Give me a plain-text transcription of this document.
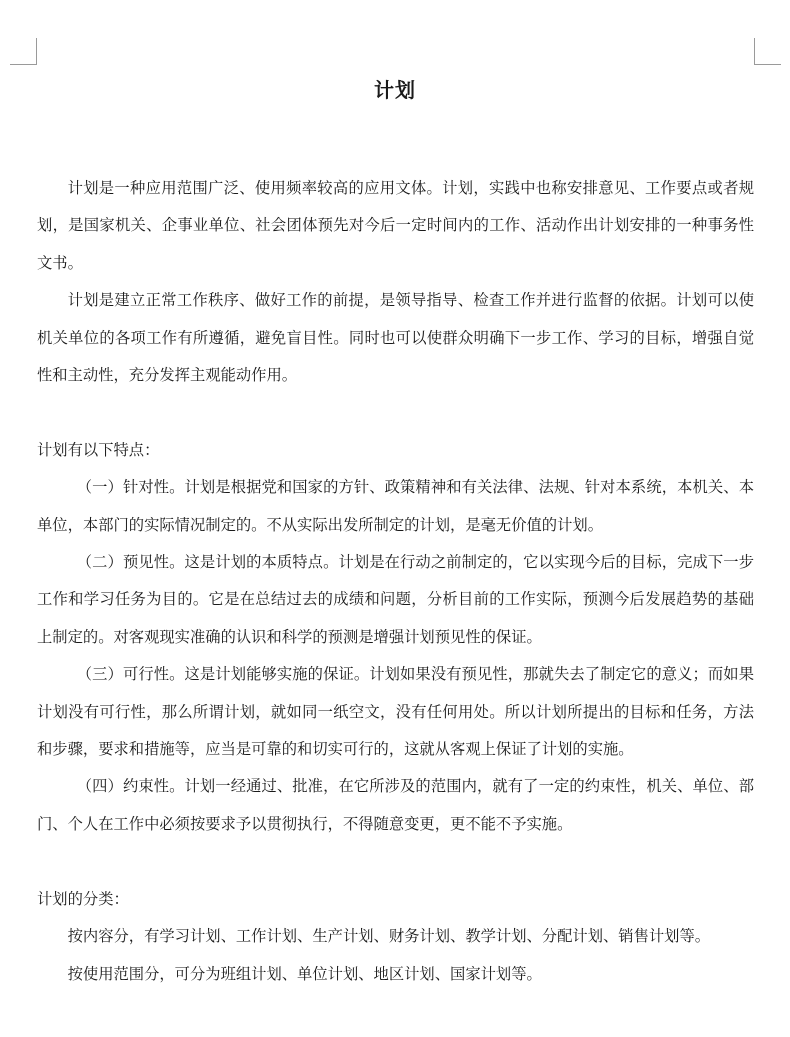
计划

计划是一种应用范围广泛、使用频率较高的应用文体。计划，实践中也称安排意见、工作要点或者规划，是国家机关、企事业单位、社会团体预先对今后一定时间内的工作、活动作出计划安排的一种事务性文书。

计划是建立正常工作秩序、做好工作的前提，是领导指导、检查工作并进行监督的依据。计划可以使机关单位的各项工作有所遵循，避免盲目性。同时也可以使群众明确下一步工作、学习的目标，增强自觉性和主动性，充分发挥主观能动作用。

计划有以下特点：

（一）针对性。计划是根据党和国家的方针、政策精神和有关法律、法规、针对本系统，本机关、本单位，本部门的实际情况制定的。不从实际出发所制定的计划，是毫无价值的计划。

（二）预见性。这是计划的本质特点。计划是在行动之前制定的，它以实现今后的目标，完成下一步工作和学习任务为目的。它是在总结过去的成绩和问题，分析目前的工作实际，预测今后发展趋势的基础上制定的。对客观现实准确的认识和科学的预测是增强计划预见性的保证。

（三）可行性。这是计划能够实施的保证。计划如果没有预见性，那就失去了制定它的意义；而如果计划没有可行性，那么所谓计划，就如同一纸空文，没有任何用处。所以计划所提出的目标和任务，方法和步骤，要求和措施等，应当是可靠的和切实可行的，这就从客观上保证了计划的实施。

（四）约束性。计划一经通过、批准，在它所涉及的范围内，就有了一定的约束性，机关、单位、部门、个人在工作中必须按要求予以贯彻执行，不得随意变更，更不能不予实施。

计划的分类：

按内容分，有学习计划、工作计划、生产计划、财务计划、教学计划、分配计划、销售计划等。

按使用范围分，可分为班组计划、单位计划、地区计划、国家计划等。
